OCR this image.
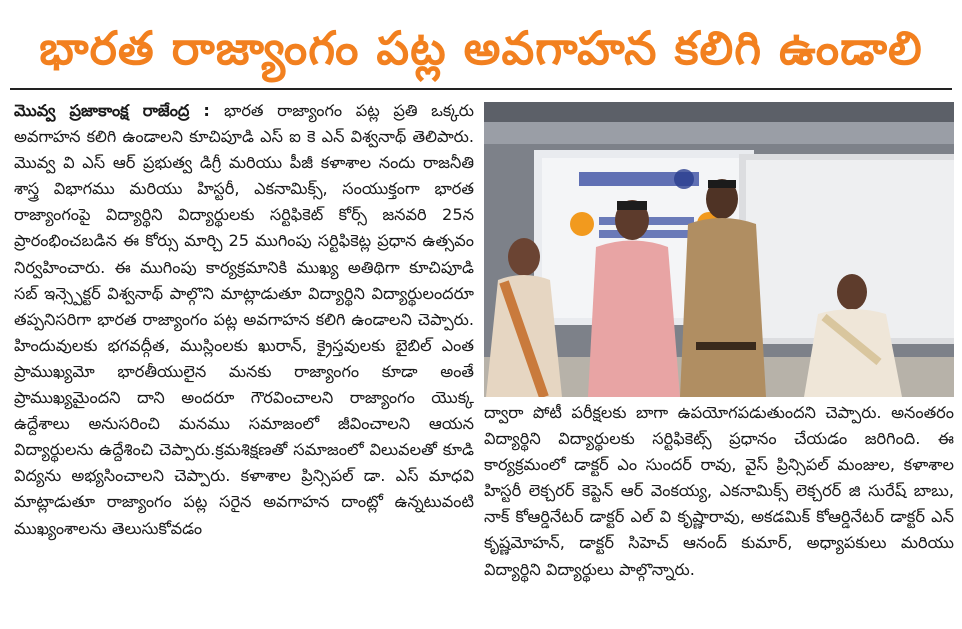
భారత రాజ్యాంగం పట్ల అవగాహన కలిగి ఉండాలి
మొవ్వ ప్రజాకాంక్ష రాజేంద్ర : భారత రాజ్యాంగం పట్ల ప్రతి ఒక్కరు అవగాహన కలిగి ఉండాలని కూచిపూడి ఎస్ ఐ కె ఎన్ విశ్వనాథ్ తెలిపారు. మొవ్వ వి ఎస్ ఆర్ ప్రభుత్వ డిగ్రీ మరియు పీజీ కళాశాల నందు రాజనీతి శాస్త్ర విభాగము మరియు హిస్టరీ, ఎకనామిక్స్, సంయుక్తంగా భారత రాజ్యాంగంపై విద్యార్థిని విద్యార్థులకు సర్టిఫికెట్ కోర్స్ జనవరి 25న ప్రారంభించబడిన ఈ కోర్సు మార్చి 25 ముగింపు సర్టిఫికెట్ల ప్రధాన ఉత్సవం నిర్వహించారు. ఈ ముగింపు కార్యక్రమానికి ముఖ్య అతిథిగా కూచిపూడి సబ్ ఇన్స్పెక్టర్ విశ్వనాథ్ పాల్గొని మాట్లాడుతూ విద్యార్థిని విద్యార్థులందరూ తప్పనిసరిగా భారత రాజ్యాంగం పట్ల అవగాహన కలిగి ఉండాలని చెప్పారు. హిందువులకు భగవద్గీత, ముస్లింలకు ఖురాన్, క్రైస్తవులకు బైబిల్ ఎంత ప్రాముఖ్యమో భారతీయులైన మనకు రాజ్యాంగం కూడా అంతే ప్రాముఖ్యమైందని దాని అందరూ గౌరవించాలని రాజ్యాంగం యొక్క ఉద్దేశాలు అనుసరించి మనము సమాజంలో జీవించాలని ఆయన విద్యార్థులను ఉద్దేశించి చెప్పారు.క్రమశిక్షణతో సమాజంలో విలువలతో కూడి విద్యను అభ్యసించాలని చెప్పారు. కళాశాల ప్రిన్సిపల్ డా. ఎస్ మాధవి మాట్లాడుతూ రాజ్యాంగం పట్ల సరైన అవగాహన దాంట్లో ఉన్నటువంటి ముఖ్యంశాలను తెలుసుకోవడం
ద్వారా పోటీ పరీక్షలకు బాగా ఉపయోగపడుతుందని చెప్పారు. అనంతరం విద్యార్థిని విద్యార్థులకు సర్టిఫికెట్స్ ప్రధానం చేయడం జరిగింది. ఈ కార్యక్రమంలో డాక్టర్ ఎం సుందర్ రావు, వైస్ ప్రిన్సిపల్ మంజుల, కళాశాల హిస్టరీ లెక్చరర్ కెప్టెన్ ఆర్ వెంకయ్య, ఎకనామిక్స్ లెక్చరర్ జి సురేష్ బాబు, నాక్ కోఆర్డినేటర్ డాక్టర్ ఎల్ వి కృష్ణారావు, అకడమిక్ కోఆర్డినేటర్ డాక్టర్ ఎన్ కృష్ణమోహన్, డాక్టర్ సిహెచ్ ఆనంద్ కుమార్, అధ్యాపకులు మరియు విద్యార్థిని విద్యార్థులు పాల్గొన్నారు.
